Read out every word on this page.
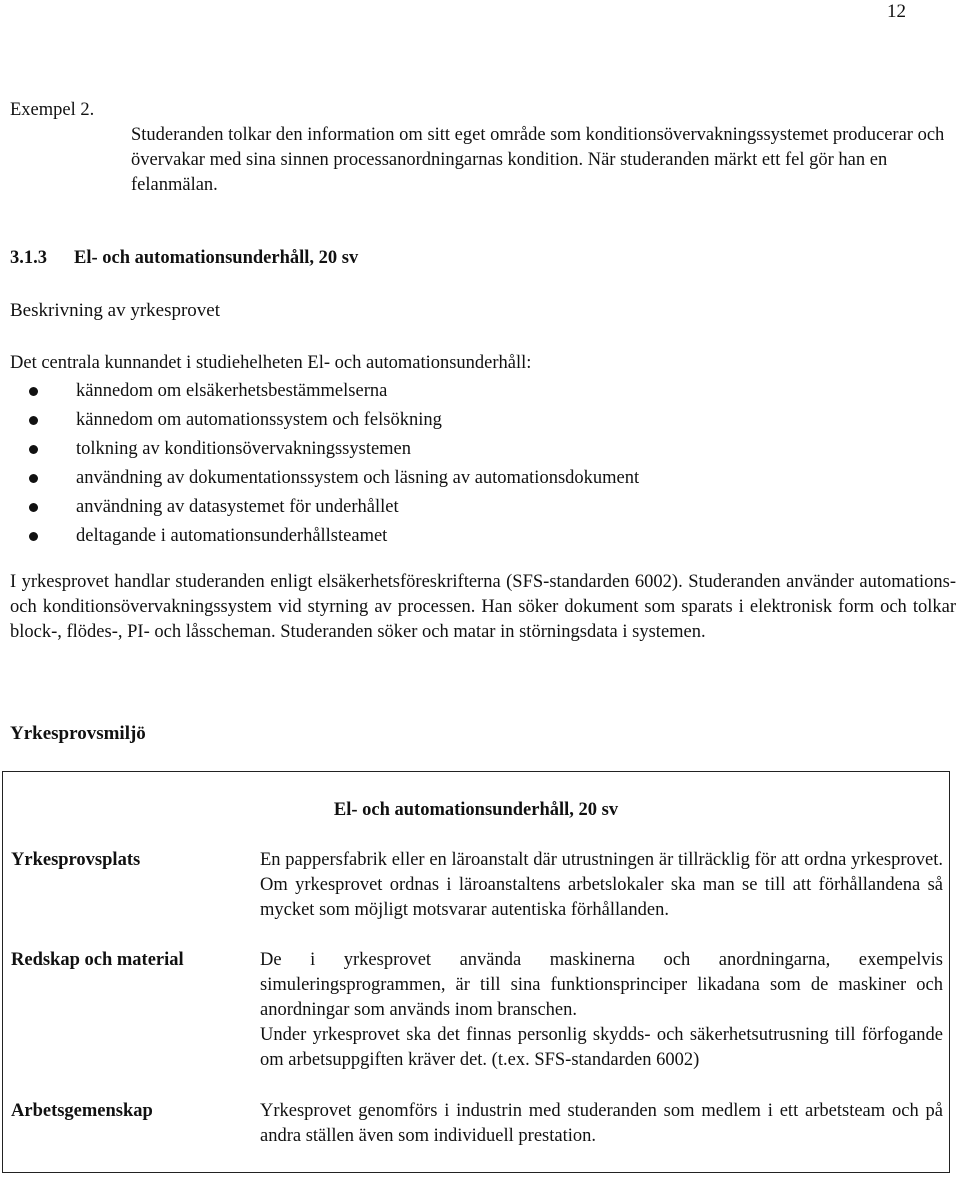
12
Exempel 2.
Studeranden tolkar den information om sitt eget område som konditionsövervakningssystemet producerar och övervakar med sina sinnen processanordningarnas kondition. När studeranden märkt ett fel gör han en felanmälan.
3.1.3 El- och automationsunderhåll, 20 sv
Beskrivning av yrkesprovet
Det centrala kunnandet i studiehelheten El- och automationsunderhåll:
kännedom om elsäkerhetsbestämmelserna
kännedom om automationssystem och felsökning
tolkning av konditionsövervakningssystemen
användning av dokumentationssystem och läsning av automationsdokument
användning av datasystemet för underhållet
deltagande i automationsunderhållsteamet
I yrkesprovet handlar studeranden enligt elsäkerhetsföreskrifterna (SFS-standarden 6002). Studeranden använder automations- och konditionsövervakningssystem vid styrning av processen. Han söker dokument som sparats i elektronisk form och tolkar block-, flödes-, PI- och låsscheman. Studeranden söker och matar in störningsdata i systemen.
Yrkesprovsmiljö
El- och automationsunderhåll, 20 sv
Yrkesprovsplats	En pappersfabrik eller en läroanstalt där utrustningen är tillräcklig för att ordna yrkesprovet. Om yrkesprovet ordnas i läroanstaltens arbetslokaler ska man se till att förhållandena så mycket som möjligt motsvarar autentiska förhållanden.

Redskap och material	De i yrkesprovet använda maskinerna och anordningarna, exempelvis simuleringsprogrammen, är till sina funktionsprinciper likadana som de maskiner och anordningar som används inom branschen.

Under yrkesprovet ska det finnas personlig skydds- och säkerhetsutrusning till förfogande om arbetsuppgiften kräver det. (t.ex. SFS-standarden 6002)

Arbetsgemenskap	Yrkesprovet genomförs i industrin med studeranden som medlem i ett arbetsteam och på andra ställen även som individuell prestation.
